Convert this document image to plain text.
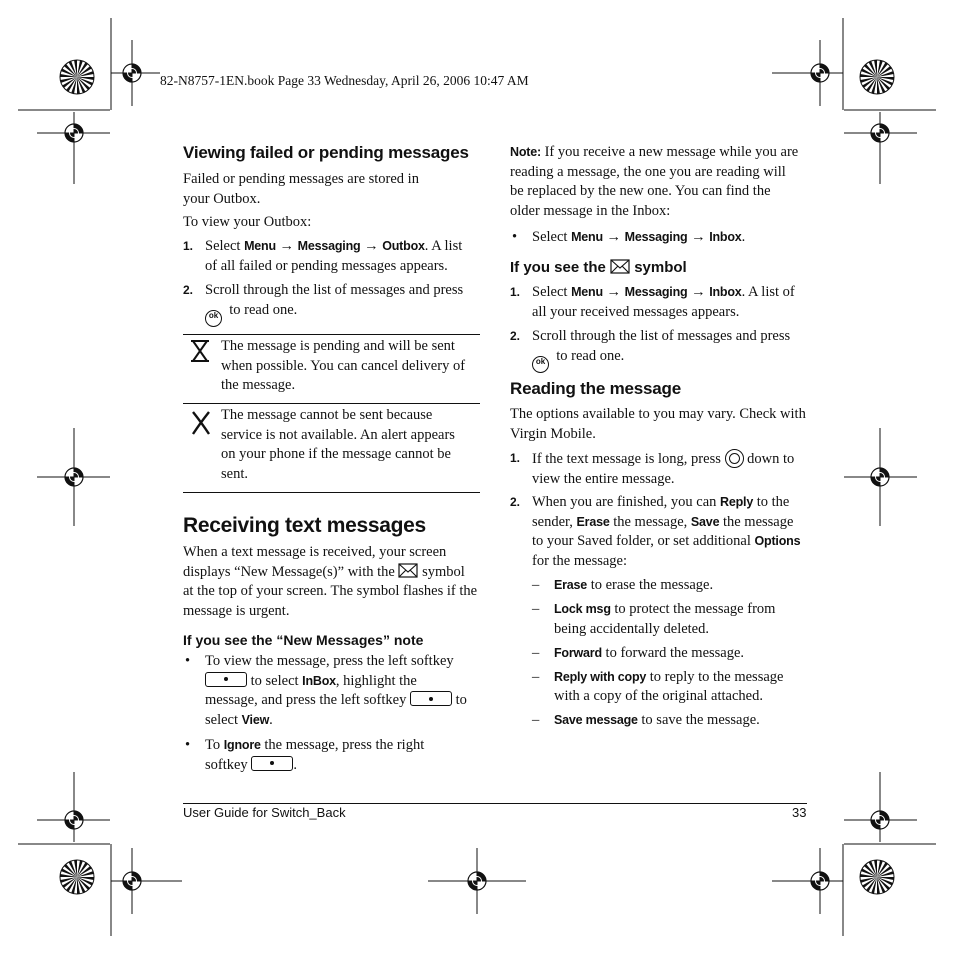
82-N8757-1EN.book Page 33 Wednesday, April 26, 2006 10:47 AM
Viewing failed or pending messages
Failed or pending messages are stored in
your Outbox.
To view your Outbox:
1. Select Menu → Messaging → Outbox. A list
of all failed or pending messages appears.
2. Scroll through the list of messages and press
ok to read one.
The message is pending and will be sent
when possible. You can cancel delivery of
the message.
The message cannot be sent because
service is not available. An alert appears
on your phone if the message cannot be
sent.
Receiving text messages
When a text message is received, your screen
displays “New Message(s)” with the symbol
at the top of your screen. The symbol flashes if the
message is urgent.
If you see the “New Messages” note
• To view the message, press the left softkey
to select InBox, highlight the
message, and press the left softkey	to
select View.
• To Ignore the message, press the right
softkey	.
Note: If you receive a new message while you are
reading a message, the one you are reading will
be replaced by the new one. You can find the
older message in the Inbox:
• Select Menu → Messaging → Inbox.
If you see the symbol
1. Select Menu → Messaging → Inbox. A list of
all your received messages appears.
2. Scroll through the list of messages and press
ok to read one.
Reading the message
The options available to you may vary. Check with
Virgin Mobile.
1. If the text message is long, press down to
view the entire message.
2. When you are finished, you can Reply to the
sender, Erase the message, Save the message
to your Saved folder, or set additional Options
for the message:
– Erase to erase the message.
– Lock msg to protect the message from
being accidentally deleted.
– Forward to forward the message.
– Reply with copy to reply to the message
with a copy of the original attached.
– Save message to save the message.
User Guide for Switch_Back	33
